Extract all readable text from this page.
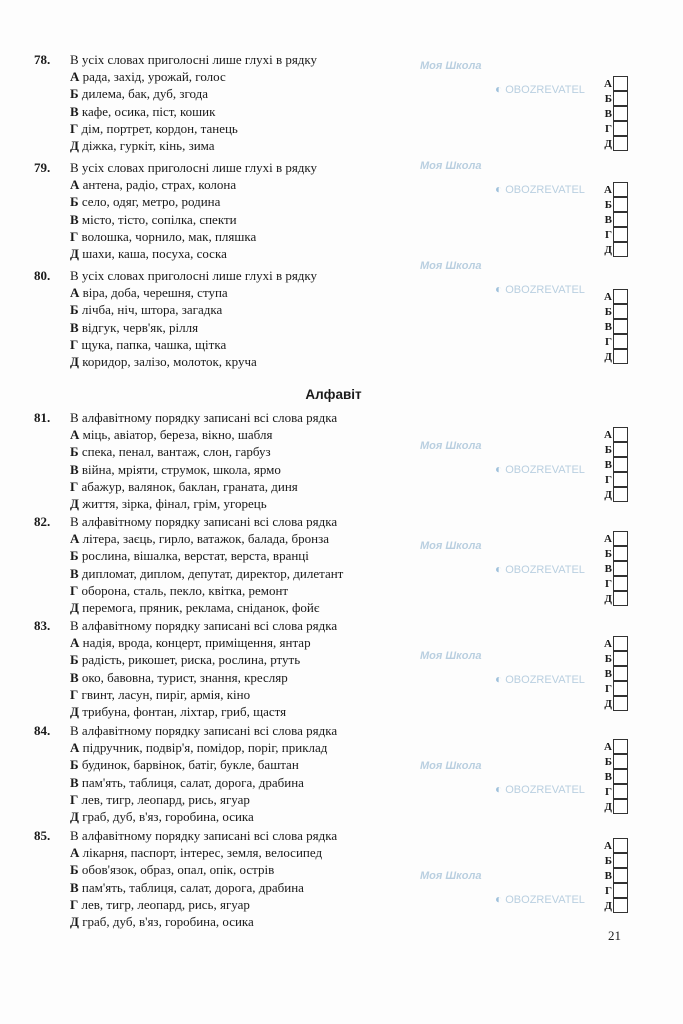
Моя Школа
◐ OBOZREVATEL
Моя Школа
◐ OBOZREVATEL
Моя Школа
◐ OBOZREVATEL
Моя Школа
◐ OBOZREVATEL
Моя Школа
◐ OBOZREVATEL
Моя Школа
◐ OBOZREVATEL
Моя Школа
◐ OBOZREVATEL
Моя Школа
◐ OBOZREVATEL
Алфавіт
78. В усіх словах приголосні лише глухі в рядку
А рада, захід, урожай, голос
Б дилема, бак, дуб, згода
В кафе, осика, піст, кошик
Г дім, портрет, кордон, танець
Д діжка, гуркіт, кінь, зима
А
Б
В
Г
Д
79. В усіх словах приголосні лише глухі в рядку
А антена, радіо, страх, колона
Б село, одяг, метро, родина
В місто, тісто, сопілка, спекти
Г волошка, чорнило, мак, пляшка
Д шахи, каша, посуха, соска
А
Б
В
Г
Д
80. В усіх словах приголосні лише глухі в рядку
А віра, доба, черешня, ступа
Б лічба, ніч, штора, загадка
В відгук, черв'як, рілля
Г щука, папка, чашка, щітка
Д коридор, залізо, молоток, круча
А
Б
В
Г
Д
81. В алфавітному порядку записані всі слова рядка
А міць, авіатор, береза, вікно, шабля
Б спека, пенал, вантаж, слон, гарбуз
В війна, мріяти, струмок, школа, ярмо
Г абажур, валянок, баклан, граната, диня
Д життя, зірка, фінал, грім, угорець
А
Б
В
Г
Д
82. В алфавітному порядку записані всі слова рядка
А літера, заєць, гирло, ватажок, балада, бронза
Б рослина, вішалка, верстат, верста, вранці
В дипломат, диплом, депутат, директор, дилетант
Г оборона, сталь, пекло, квітка, ремонт
Д перемога, пряник, реклама, сніданок, фойє
А
Б
В
Г
Д
83. В алфавітному порядку записані всі слова рядка
А надія, врода, концерт, приміщення, янтар
Б радість, рикошет, риска, рослина, ртуть
В око, бавовна, турист, знання, кресляр
Г гвинт, ласун, пиріг, армія, кіно
Д трибуна, фонтан, ліхтар, гриб, щастя
А
Б
В
Г
Д
84. В алфавітному порядку записані всі слова рядка
А підручник, подвір'я, помідор, поріг, приклад
Б будинок, барвінок, батіг, букле, баштан
В пам'ять, таблиця, салат, дорога, драбина
Г лев, тигр, леопард, рись, ягуар
Д граб, дуб, в'яз, горобина, осика
А
Б
В
Г
Д
85. В алфавітному порядку записані всі слова рядка
А лікарня, паспорт, інтерес, земля, велосипед
Б обов'язок, образ, опал, опік, острів
В пам'ять, таблиця, салат, дорога, драбина
Г лев, тигр, леопард, рись, ягуар
Д граб, дуб, в'яз, горобина, осика
А
Б
В
Г
Д
21
